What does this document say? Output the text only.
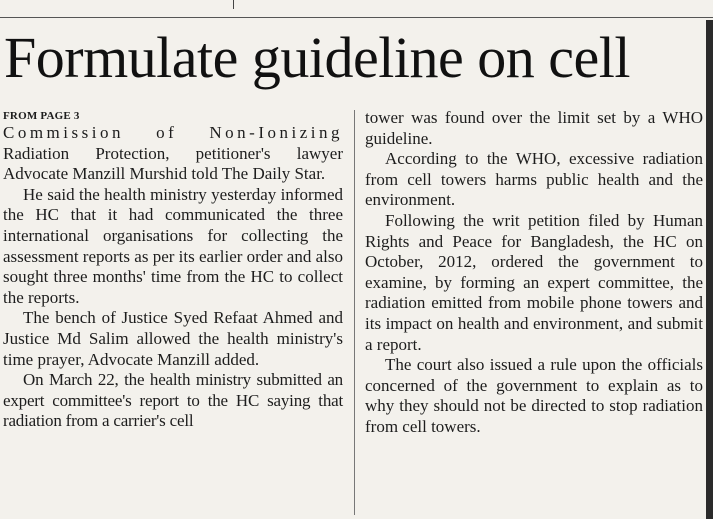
Formulate guideline on cell
FROM PAGE 3

Commission of Non-Ionizing Radiation Protection, petitioner's lawyer Advocate Manzill Murshid told The Daily Star.

He said the health ministry yesterday informed the HC that it had communicated the three international organisations for collecting the assessment reports as per its earlier order and also sought three months' time from the HC to collect the reports.

The bench of Justice Syed Refaat Ahmed and Justice Md Salim allowed the health ministry's time prayer, Advocate Manzill added.

On March 22, the health ministry submitted an expert committee's report to the HC saying that radiation from a carrier's cell

tower was found over the limit set by a WHO guideline.

According to the WHO, excessive radiation from cell towers harms public health and the environment.

Following the writ petition filed by Human Rights and Peace for Bangladesh, the HC on October, 2012, ordered the government to examine, by forming an expert committee, the radiation emitted from mobile phone towers and its impact on health and environment, and submit a report.

The court also issued a rule upon the officials concerned of the government to explain as to why they should not be directed to stop radiation from cell towers.
